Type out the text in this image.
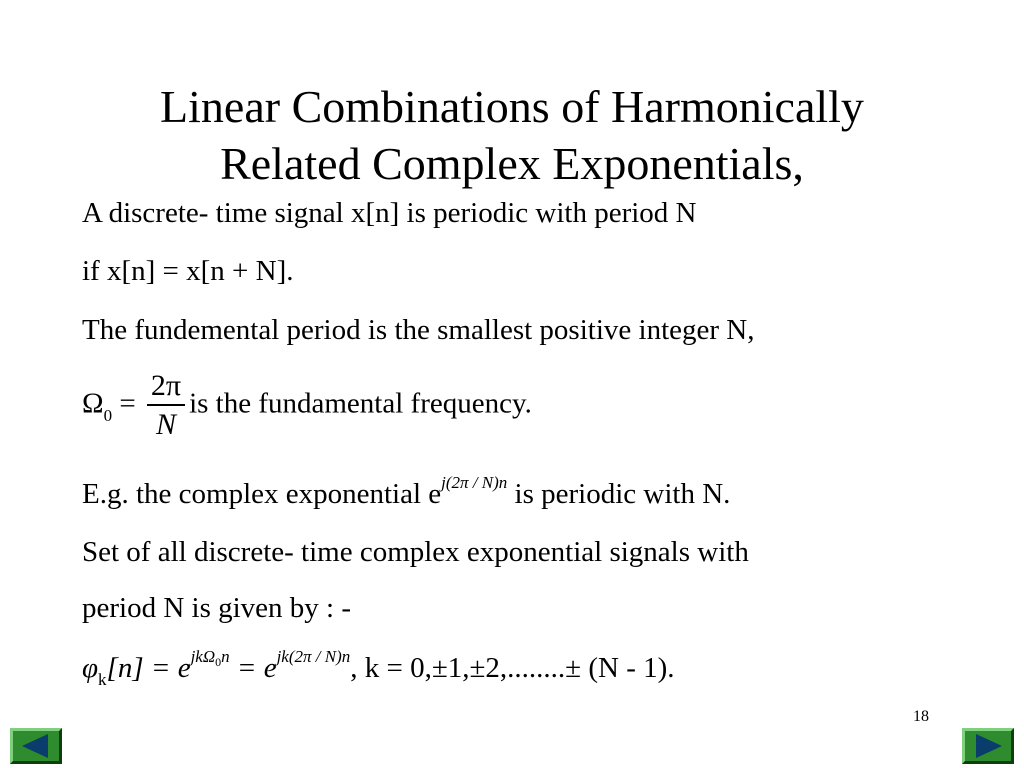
Linear Combinations of Harmonically
Related Complex Exponentials,
A discrete- time signal x[n] is periodic with period N
if x[n] = x[n + N].
The fundemental period is the smallest positive integer N,
$\Omega_0 = \frac{2\pi}{N}$ is the fundamental frequency.
E.g. the complex exponential $e^{j(2\pi / N)n}$ is periodic with N.
Set of all discrete- time complex exponential signals with
period N is given by : -
$\varphi_k[n] = e^{jk\Omega_0n} = e^{jk(2\pi / N)n}$, k = 0,±1,±2,........± (N - 1).
18
